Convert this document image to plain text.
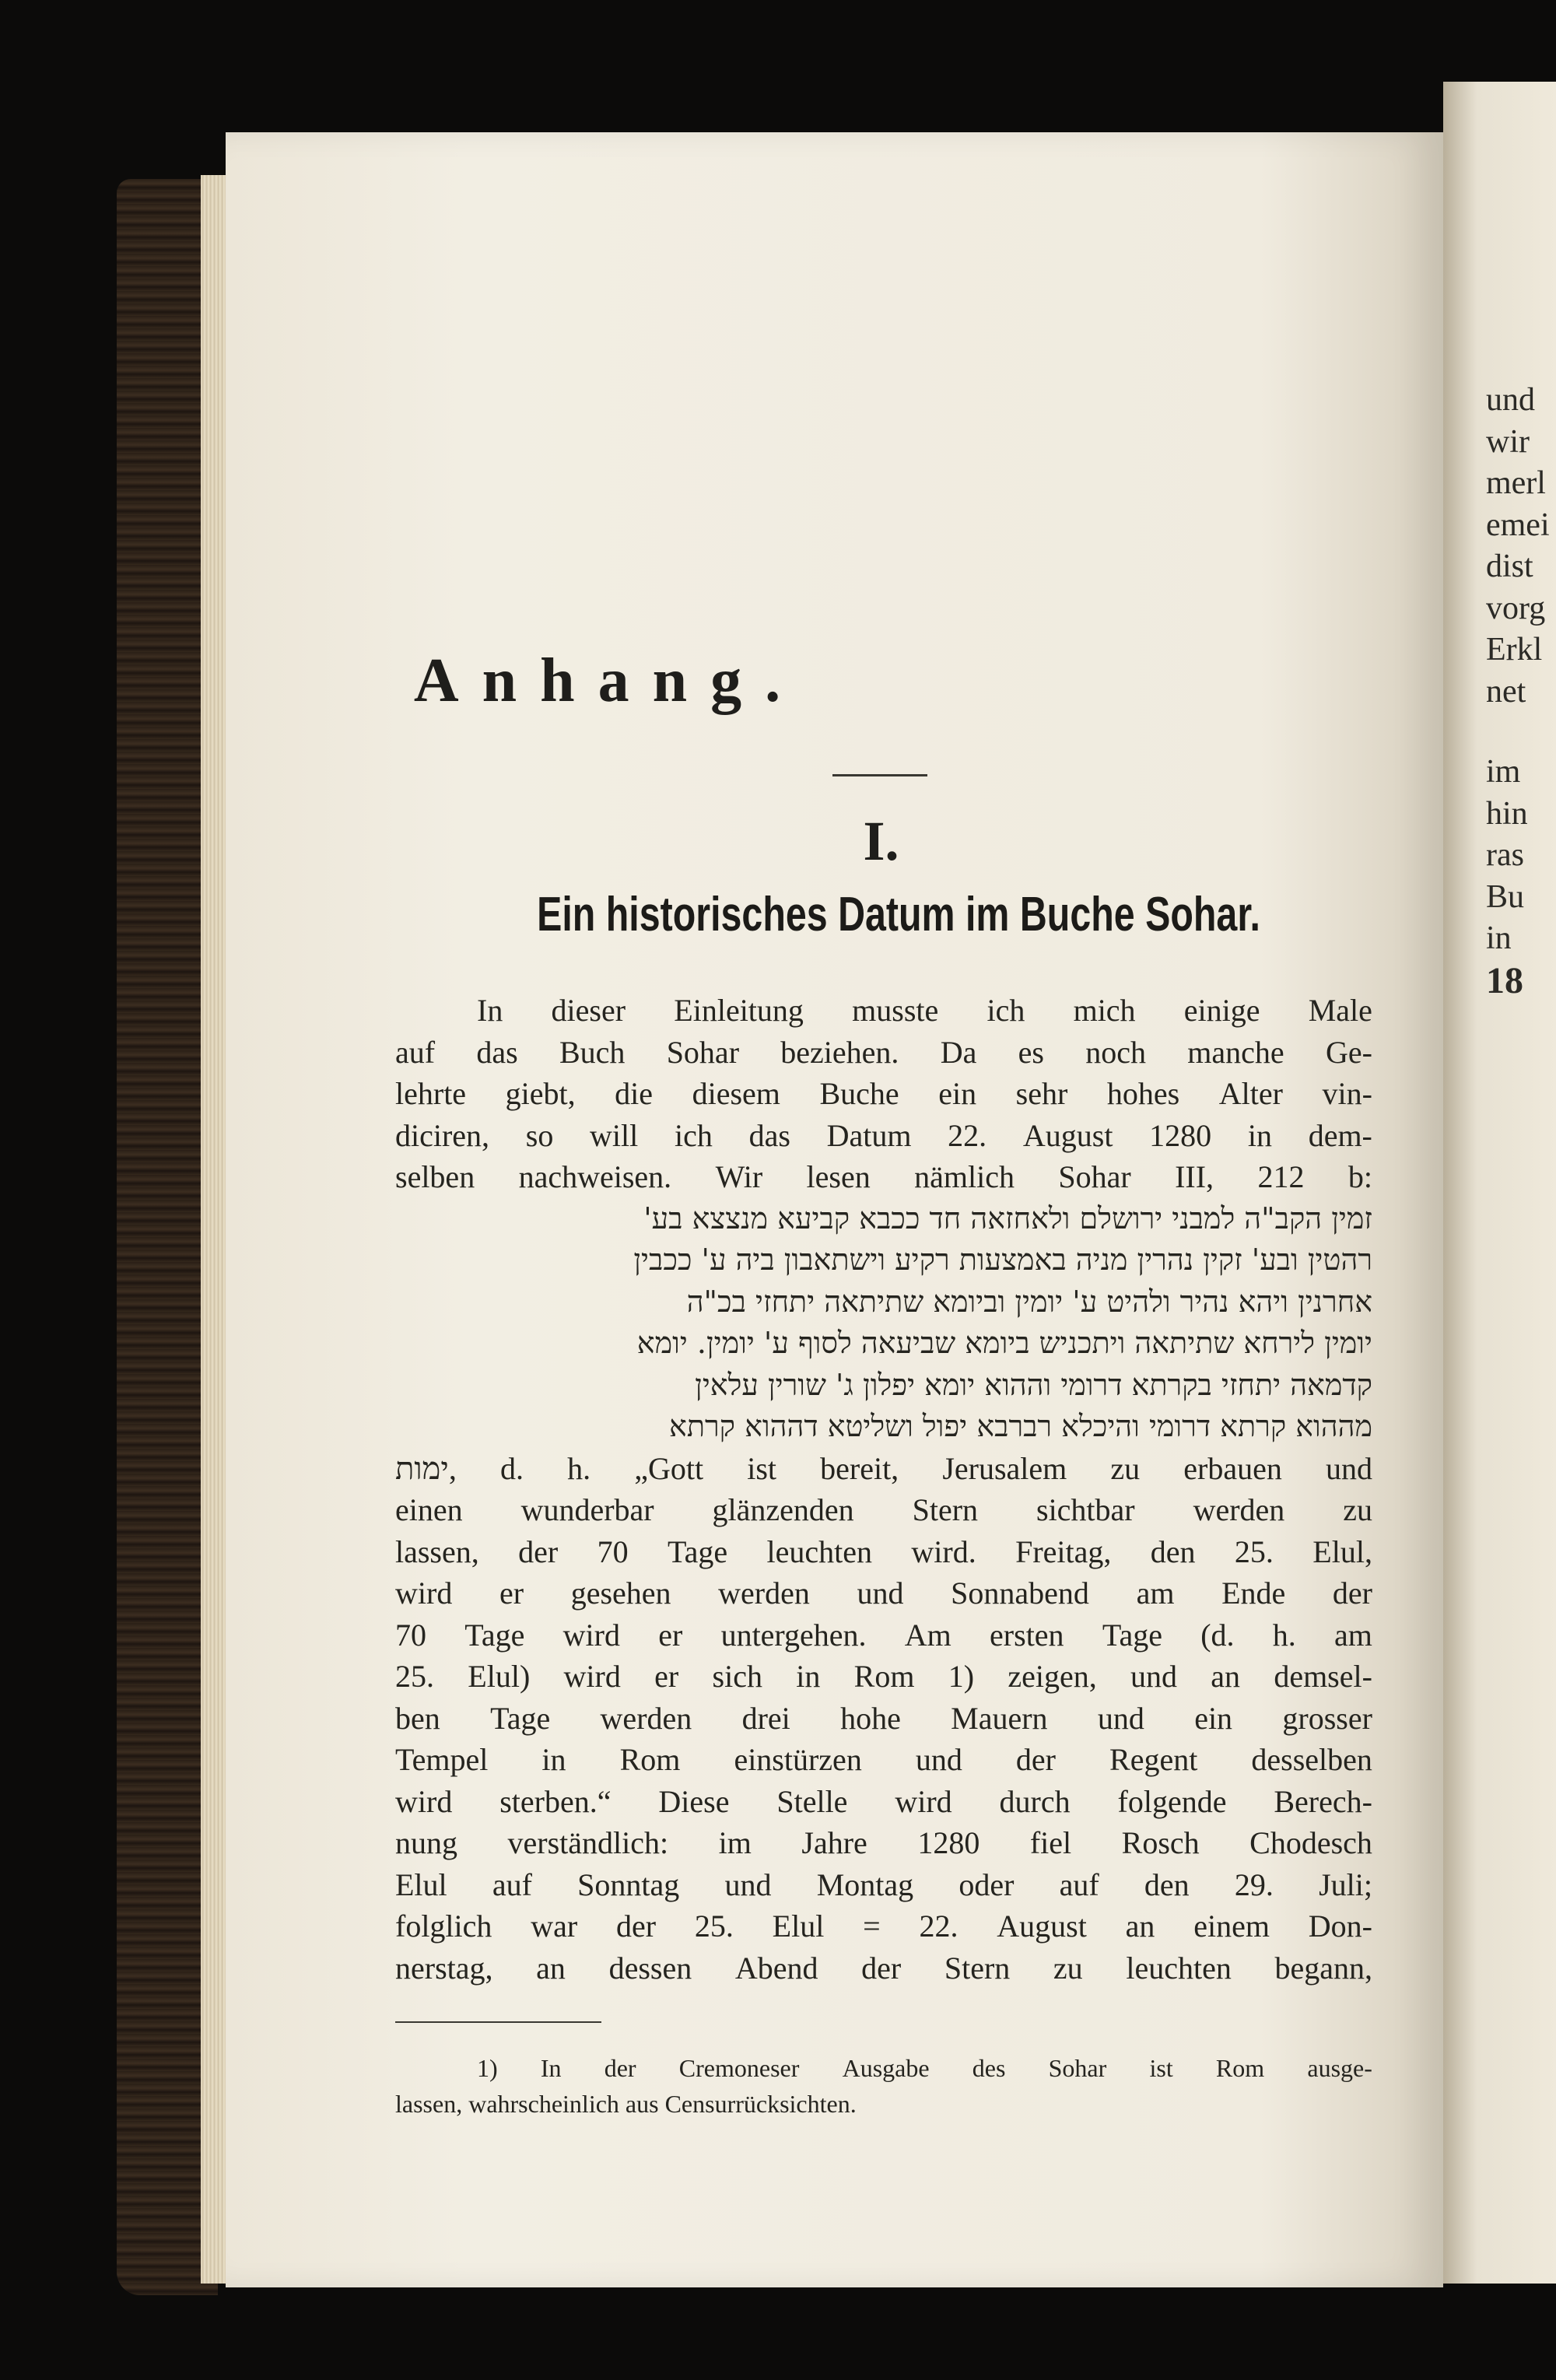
und
wir
merl
emei
dist
vorg
Erkl
net
im
hin
ras
Bu
in
18
Anhang.
I.
Ein historisches Datum im Buche Sohar.
In dieser Einleitung musste ich mich einige Male
auf das Buch Sohar beziehen. Da es noch manche Ge-
lehrte giebt, die diesem Buche ein sehr hohes Alter vin-
diciren, so will ich das Datum 22. August 1280 in dem-
selben nachweisen. Wir lesen nämlich Sohar III, 212 b:
זמין הקב"ה למבני ירושלם ולאחזאה חד ככבא קביעא מנצצא בע'
רהטין ובע' זקין נהרין מניה באמצעות רקיע וישתאבון ביה ע' ככבין
אחרנין ויהא נהיר ולהיט ע' יומין וביומא שתיתאה יתחזי בכ"ה
יומין לירחא שתיתאה ויתכניש ביומא שביעאה לסוף ע' יומין. יומא
קדמאה יתחזי בקרתא דרומי וההוא יומא יפלון ג' שורין עלאין
מההוא קרתא דרומי והיכלא רברבא יפול ושליטא דההוא קרתא
ימות, d. h. „Gott ist bereit, Jerusalem zu erbauen und
einen wunderbar glänzenden Stern sichtbar werden zu
lassen, der 70 Tage leuchten wird. Freitag, den 25. Elul,
wird er gesehen werden und Sonnabend am Ende der
70 Tage wird er untergehen. Am ersten Tage (d. h. am
25. Elul) wird er sich in Rom 1) zeigen, und an demsel-
ben Tage werden drei hohe Mauern und ein grosser
Tempel in Rom einstürzen und der Regent desselben
wird sterben.“ Diese Stelle wird durch folgende Berech-
nung verständlich: im Jahre 1280 fiel Rosch Chodesch
Elul auf Sonntag und Montag oder auf den 29. Juli;
folglich war der 25. Elul = 22. August an einem Don-
nerstag, an dessen Abend der Stern zu leuchten begann,
1) In der Cremoneser Ausgabe des Sohar ist Rom ausge-
lassen, wahrscheinlich aus Censurrücksichten.
